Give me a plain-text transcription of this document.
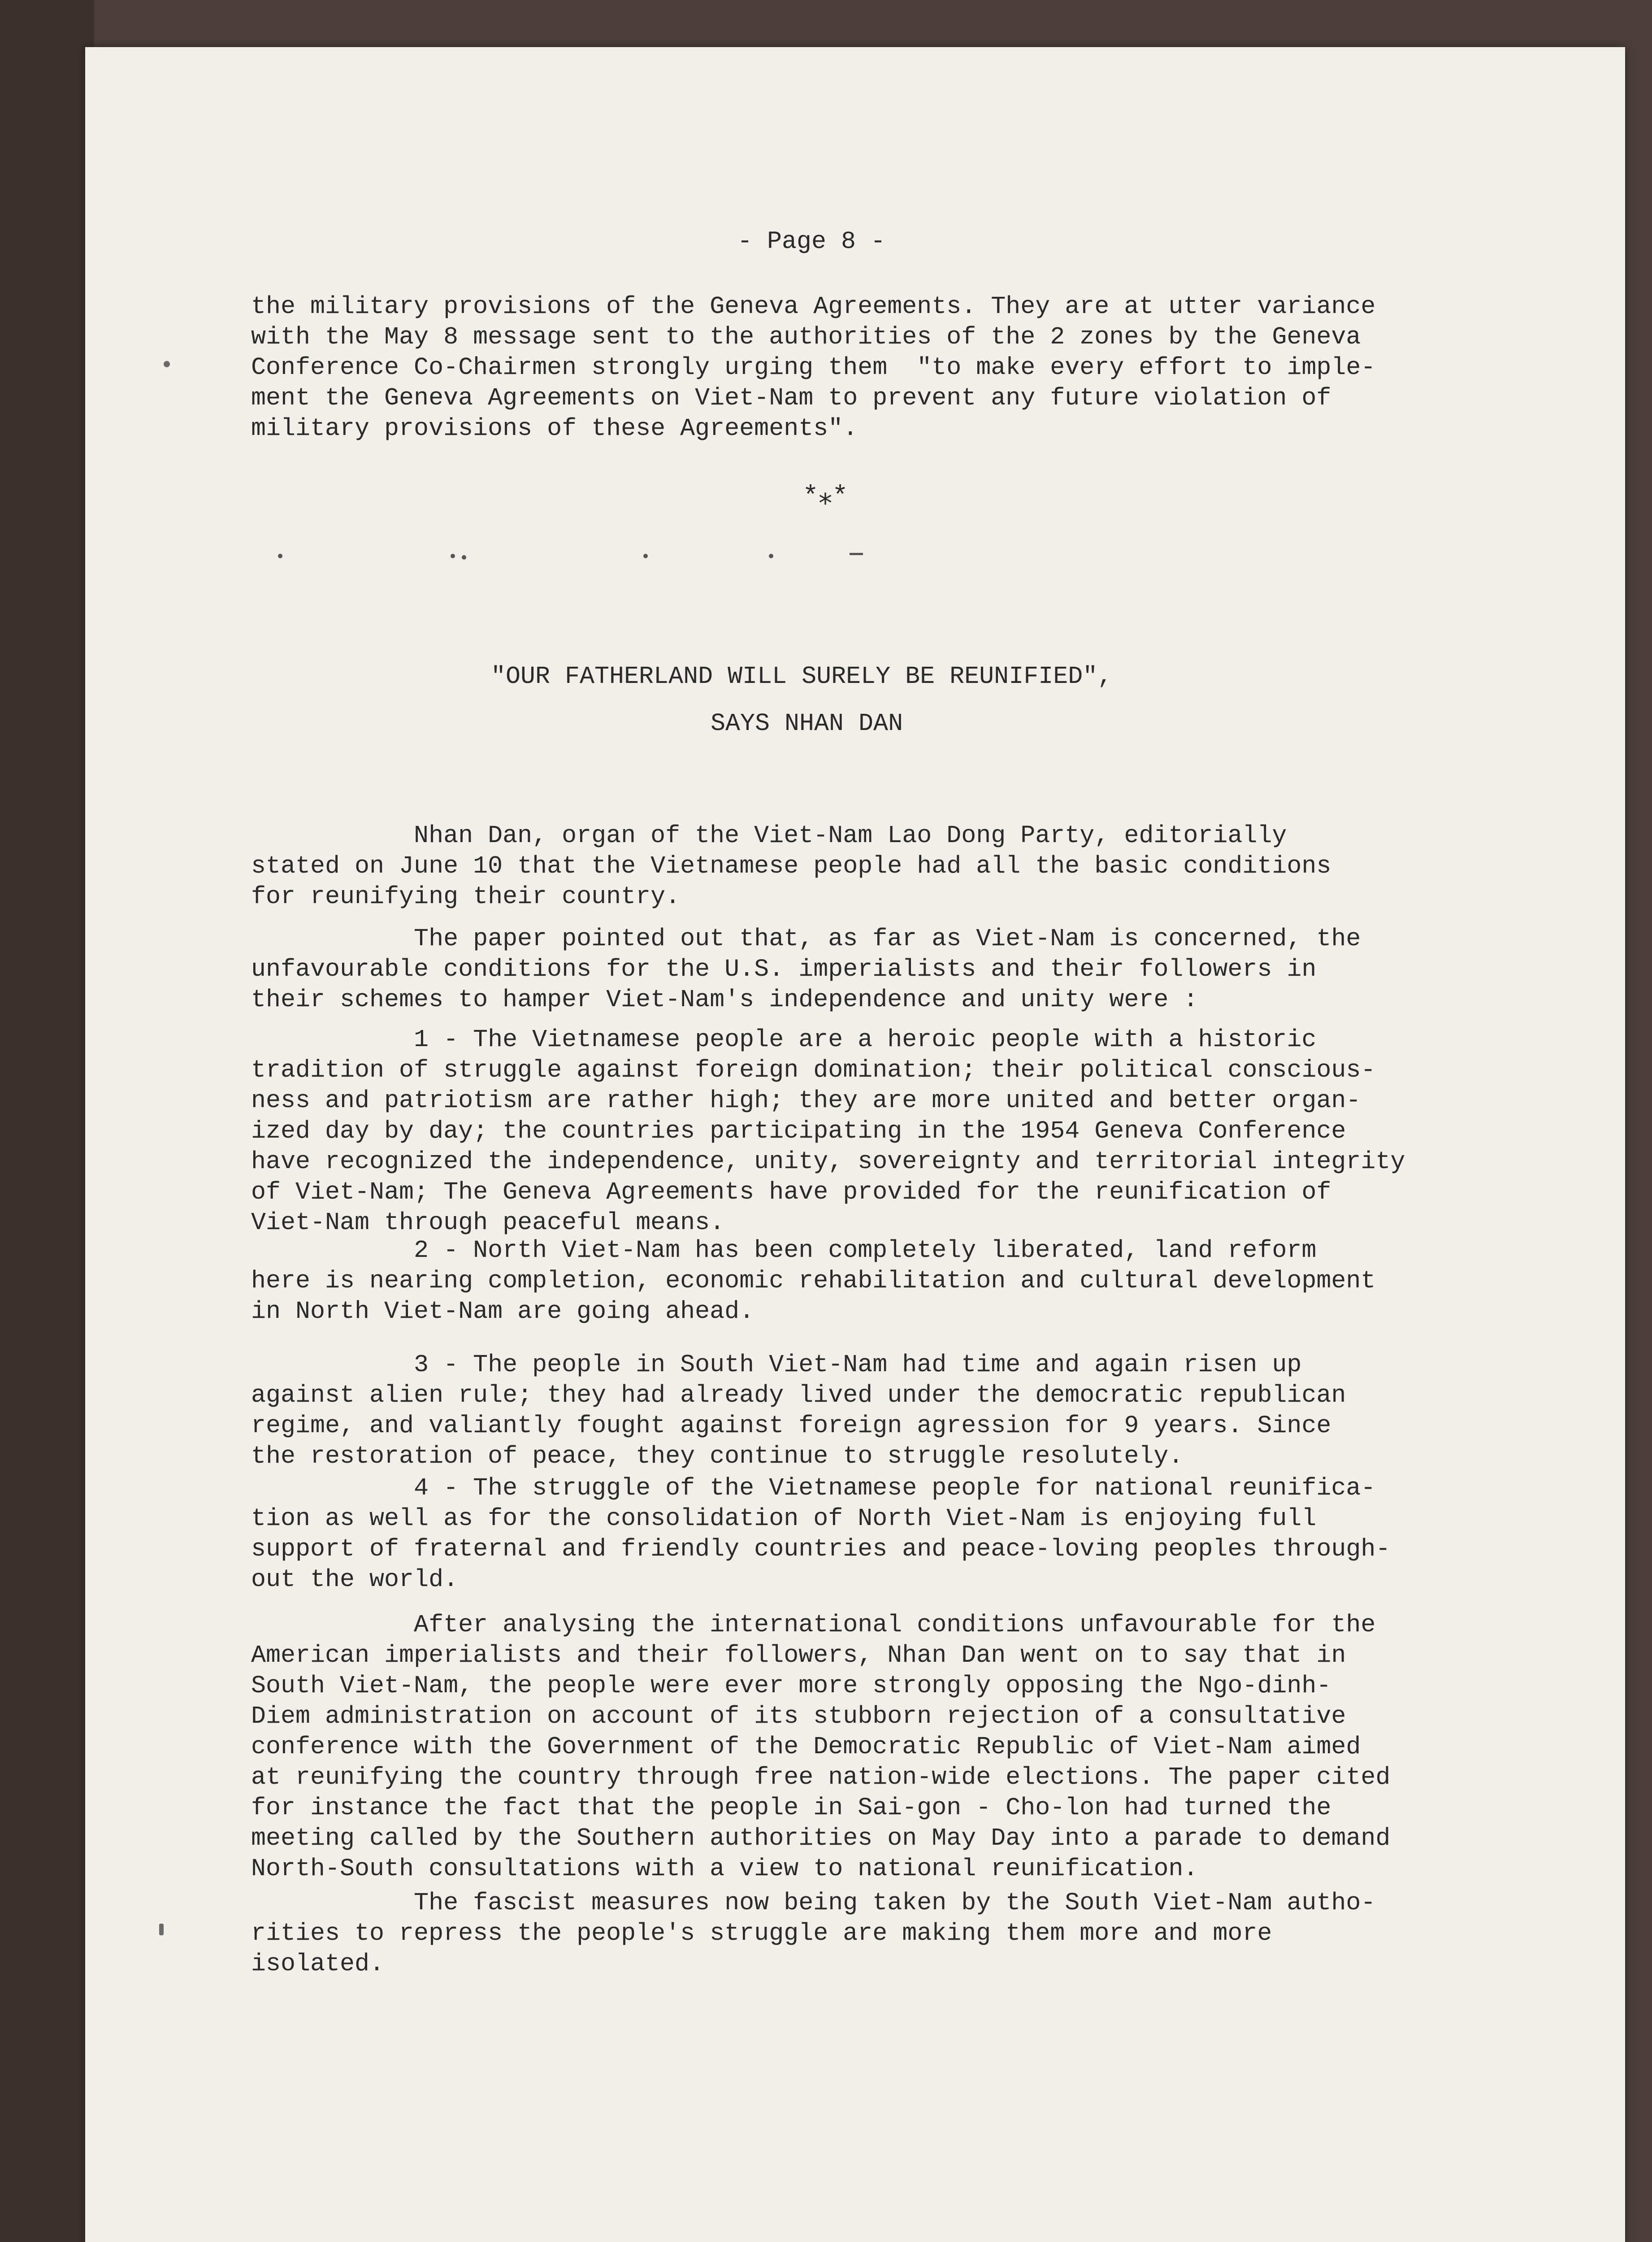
- Page 8 -
the military provisions of the Geneva Agreements. They are at utter variance
with the May 8 message sent to the authorities of the 2 zones by the Geneva
Conference Co-Chairmen strongly urging them  "to make every effort to imple-
ment the Geneva Agreements on Viet-Nam to prevent any future violation of
military provisions of these Agreements".
*⁎*
"OUR FATHERLAND WILL SURELY BE REUNIFIED",
SAYS NHAN DAN
Nhan Dan, organ of the Viet-Nam Lao Dong Party, editorially
stated on June 10 that the Vietnamese people had all the basic conditions
for reunifying their country.
The paper pointed out that, as far as Viet-Nam is concerned, the
unfavourable conditions for the U.S. imperialists and their followers in
their schemes to hamper Viet-Nam's independence and unity were :
1 - The Vietnamese people are a heroic people with a historic
tradition of struggle against foreign domination; their political conscious-
ness and patriotism are rather high; they are more united and better organ-
ized day by day; the countries participating in the 1954 Geneva Conference
have recognized the independence, unity, sovereignty and territorial integrity
of Viet-Nam; The Geneva Agreements have provided for the reunification of
Viet-Nam through peaceful means.
2 - North Viet-Nam has been completely liberated, land reform
here is nearing completion, economic rehabilitation and cultural development
in North Viet-Nam are going ahead.
3 - The people in South Viet-Nam had time and again risen up
against alien rule; they had already lived under the democratic republican
regime, and valiantly fought against foreign agression for 9 years. Since
the restoration of peace, they continue to struggle resolutely.
4 - The struggle of the Vietnamese people for national reunifica-
tion as well as for the consolidation of North Viet-Nam is enjoying full
support of fraternal and friendly countries and peace-loving peoples through-
out the world.
After analysing the international conditions unfavourable for the
American imperialists and their followers, Nhan Dan went on to say that in
South Viet-Nam, the people were ever more strongly opposing the Ngo-dinh-
Diem administration on account of its stubborn rejection of a consultative
conference with the Government of the Democratic Republic of Viet-Nam aimed
at reunifying the country through free nation-wide elections. The paper cited
for instance the fact that the people in Sai-gon - Cho-lon had turned the
meeting called by the Southern authorities on May Day into a parade to demand
North-South consultations with a view to national reunification.
The fascist measures now being taken by the South Viet-Nam autho-
rities to repress the people's struggle are making them more and more
isolated.
